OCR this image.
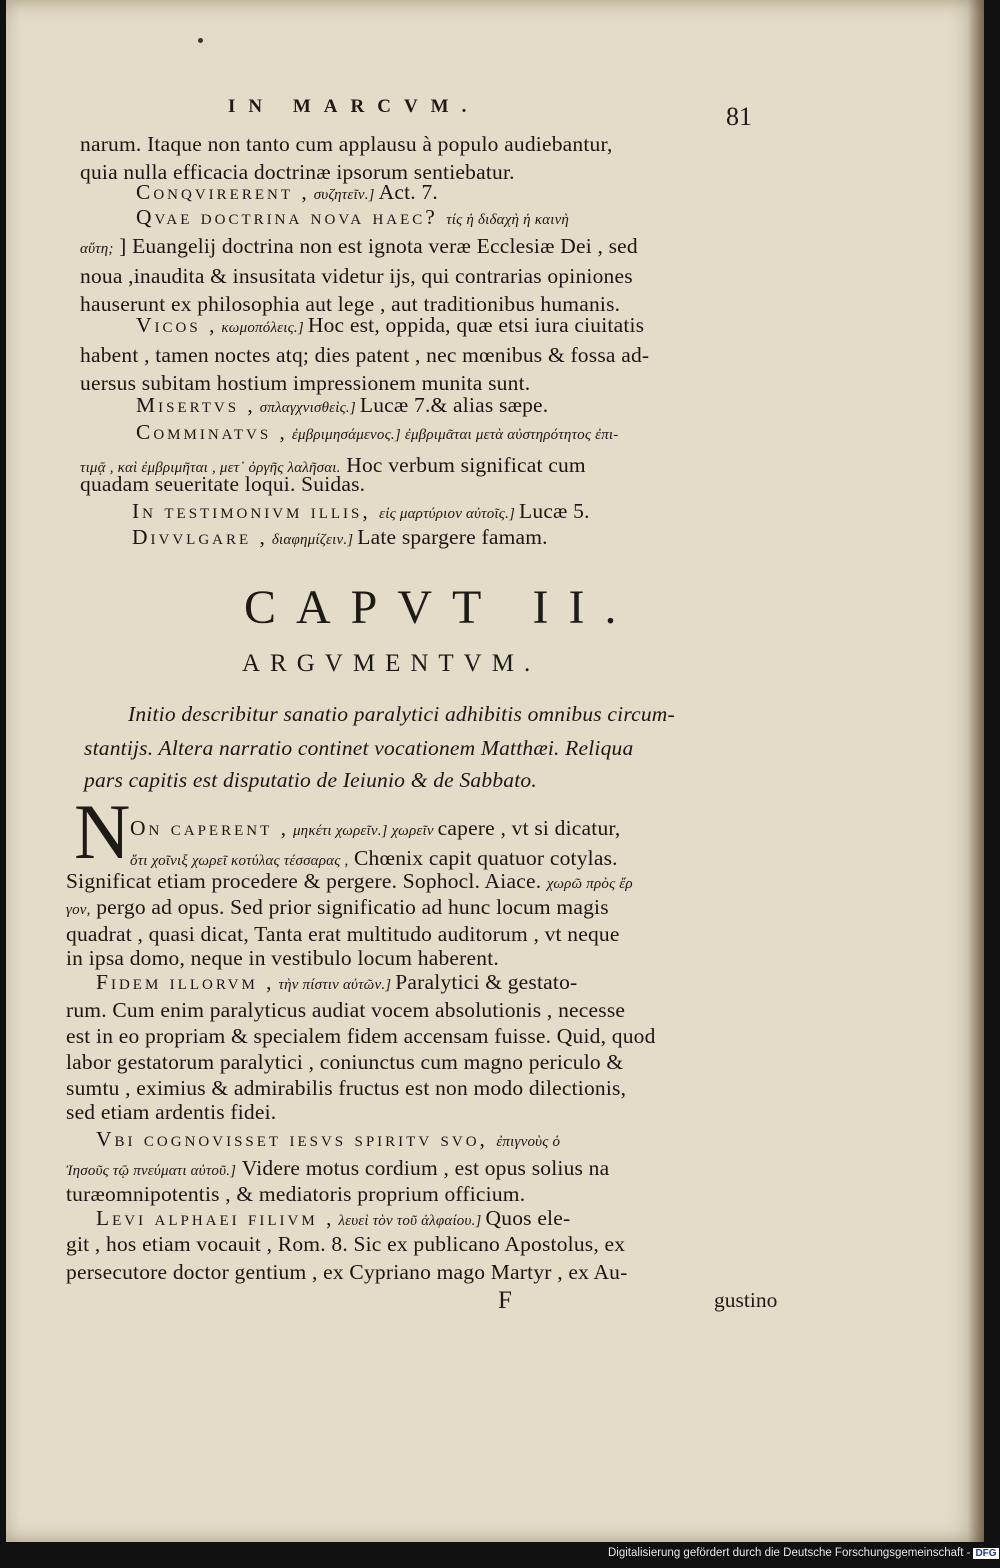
IN MARCVM.	81
CAPVT II.
ARGVMENTVM.
N
F	gustino
narum. Itaque non tanto cum applausu à populo audiebantur,
quia nulla efficacia doctrinæ ipsorum sentiebatur.
Conqvirerent , συζητεῖν.] Act. 7.
Qvae doctrina nova haec? τίς ἡ διδαχὴ ἡ καινὴ
αὕτη; ] Euangelij doctrina non est ignota veræ Ecclesiæ Dei , sed
noua ,inaudita & insusitata videtur ijs, qui contrarias opiniones
hauserunt ex philosophia aut lege , aut traditionibus humanis.
Vicos , κωμοπόλεις.] Hoc est, oppida, quæ etsi iura ciuitatis
habent , tamen noctes atq; dies patent , nec mœnibus & fossa ad-
uersus subitam hostium impressionem munita sunt.
Misertvs , σπλαγχνισθεὶς.] Lucæ 7.& alias sæpe.
Comminatvs , ἐμβριμησάμενος.] ἐμβριμᾶται μετὰ αὐστηρότητος ἐπι-
τιμᾷ , καὶ ἐμβριμῆται , μετ᾽ ὀργῆς λαλῆσαι. Hoc verbum significat cum
quadam seueritate loqui. Suidas.
In testimonivm illis, εἰς μαρτύριον αὐτοῖς.] Lucæ 5.
Divvlgare , διαφημίζειν.] Late spargere famam.
Initio describitur sanatio paralytici adhibitis omnibus circum-
stantijs. Altera narratio continet vocationem Matthæi. Reliqua
pars capitis est disputatio de Ieiunio & de Sabbato.
On caperent , μηκέτι χωρεῖν.] χωρεῖν capere , vt si dicatur,
ὅτι χοῖνιξ χωρεῖ κοτύλας τέσσαρας , Chœnix capit quatuor cotylas.
Significat etiam procedere & pergere. Sophocl. Aiace. χωρῶ πρὸς ἔρ
γον, pergo ad opus. Sed prior significatio ad hunc locum magis
quadrat , quasi dicat, Tanta erat multitudo auditorum , vt neque
in ipsa domo, neque in vestibulo locum haberent.
Fidem illorvm , τὴν πίστιν αὐτῶν.] Paralytici & gestato-
rum. Cum enim paralyticus audiat vocem absolutionis , necesse
est in eo propriam & specialem fidem accensam fuisse. Quid, quod
labor gestatorum paralytici , coniunctus cum magno periculo &
sumtu , eximius & admirabilis fructus est non modo dilectionis,
sed etiam ardentis fidei.
Vbi cognovisset iesvs spiritv svo, ἐπιγνοὺς ὁ
Ἰησοῦς τῷ πνεύματι αὐτοῦ.] Videre motus cordium , est opus solius na
turæomnipotentis , & mediatoris proprium officium.
Levi alphaei filivm , λευεὶ τὸν τοῦ ἀλφαίου.] Quos ele-
git , hos etiam vocauit , Rom. 8. Sic ex publicano Apostolus, ex
persecutore doctor gentium , ex Cypriano mago Martyr , ex Au-
Digitalisierung gefördert durch die Deutsche Forschungsgemeinschaft - DFG
